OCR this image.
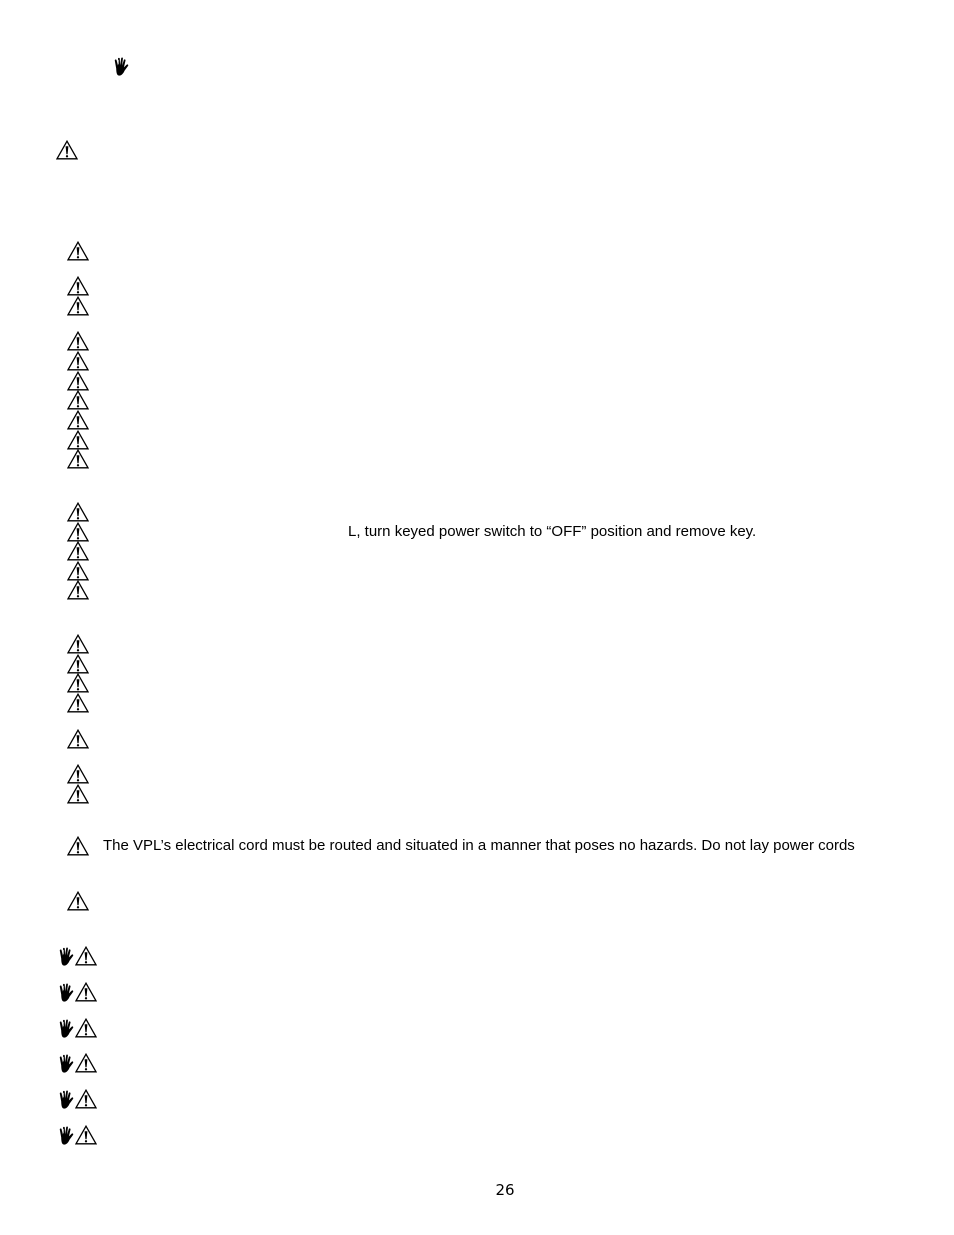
L, turn keyed power switch to “OFF” position and remove key.
The VPL’s electrical cord must be routed and situated in a manner that poses no hazards. Do not lay power cords
26
